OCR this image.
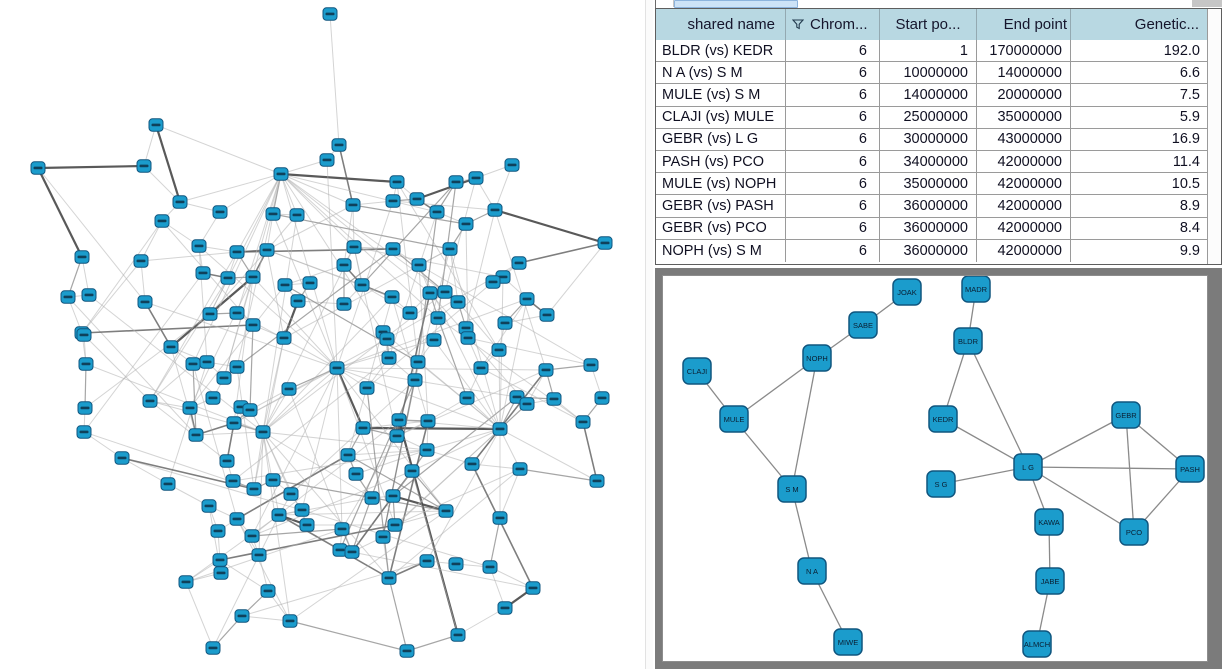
shared name	Chrom...	Start po...	End point	Genetic...
BLDR (vs) KEDR	6	1	170000000	192.0
N A (vs) S M	6	10000000	14000000	6.6
MULE (vs) S M	6	14000000	20000000	7.5
CLAJI (vs) MULE	6	25000000	35000000	5.9
GEBR (vs) L G	6	30000000	43000000	16.9
PASH (vs) PCO	6	34000000	42000000	11.4
MULE (vs) NOPH	6	35000000	42000000	10.5
GEBR (vs) PASH	6	36000000	42000000	8.9
GEBR (vs) PCO	6	36000000	42000000	8.4
NOPH (vs) S M	6	36000000	42000000	9.9
JOAK
SABE
NOPH
CLAJI
MULE	KEDR
MADR
BLDR
GEBR
L G
S G
PASH
S M
KAWA
PCO
N A
JABE
MIWE	ALMCH
